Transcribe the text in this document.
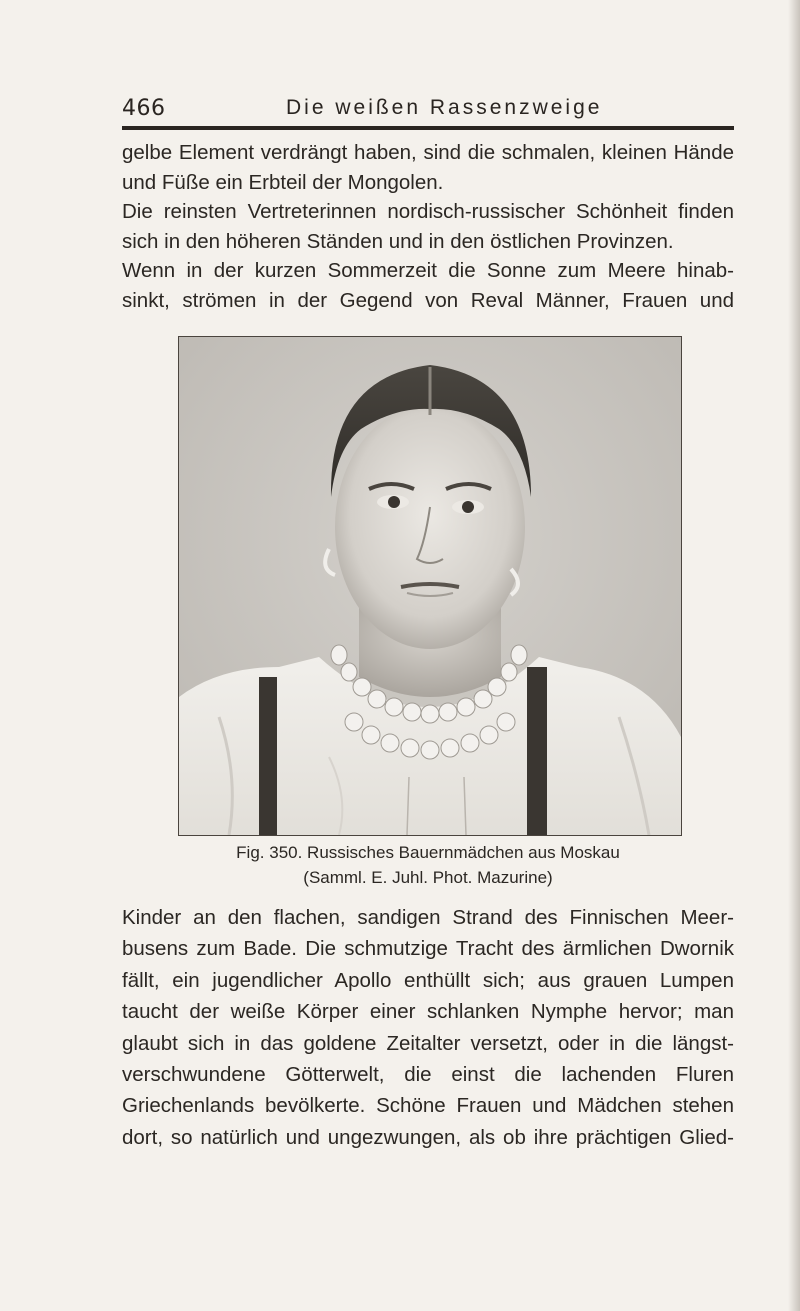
466	Die weißen Rassenzweige
gelbe Element verdrängt haben, sind die schmalen, kleinen Hände
und Füße ein Erbteil der Mongolen.
Die reinsten Vertreterinnen nordisch-russischer Schönheit finden
sich in den höheren Ständen und in den östlichen Provinzen.
Wenn in der kurzen Sommerzeit die Sonne zum Meere hinab-
sinkt, strömen in der Gegend von Reval Männer, Frauen und
Fig. 350. Russisches Bauernmädchen aus Moskau
(Samml. E. Juhl. Phot. Mazurine)
Kinder an den flachen, sandigen Strand des Finnischen Meer-
busens zum Bade. Die schmutzige Tracht des ärmlichen Dwornik
fällt, ein jugendlicher Apollo enthüllt sich; aus grauen Lumpen
taucht der weiße Körper einer schlanken Nymphe hervor; man
glaubt sich in das goldene Zeitalter versetzt, oder in die längst-
verschwundene Götterwelt, die einst die lachenden Fluren
Griechenlands bevölkerte. Schöne Frauen und Mädchen stehen
dort, so natürlich und ungezwungen, als ob ihre prächtigen Glied-
